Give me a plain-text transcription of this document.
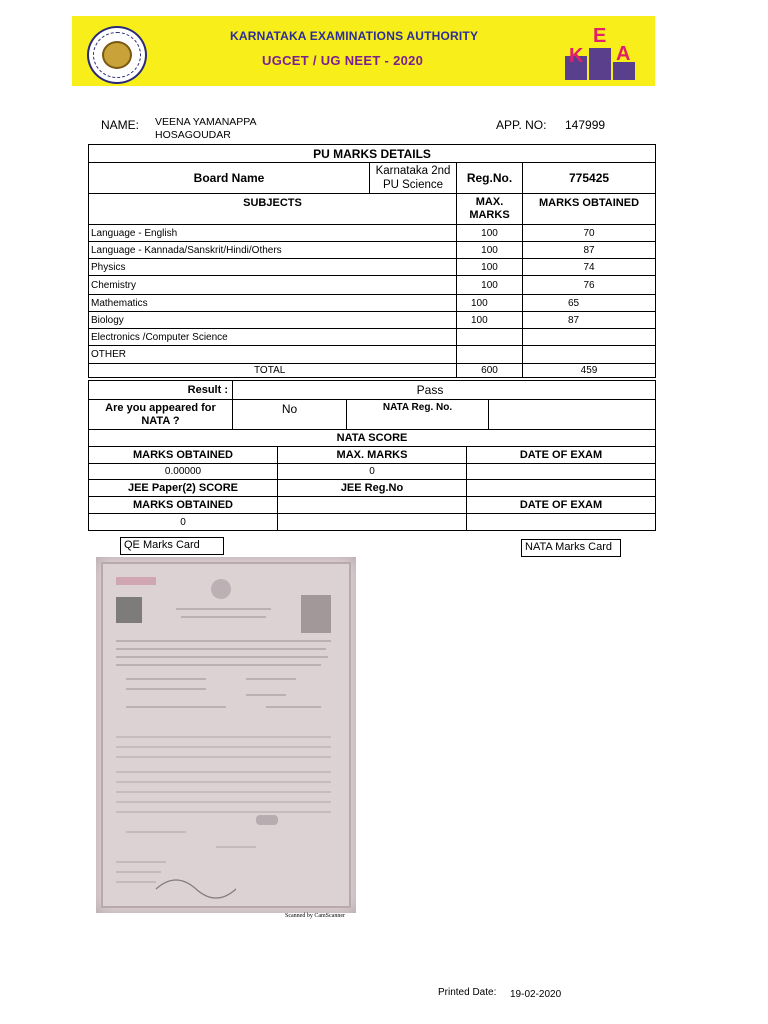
KARNATAKA EXAMINATIONS AUTHORITY
UGCET / UG NEET - 2020	K
E
A
NAME: VEENA YAMANAPPA
HOSAGOUDAR
APP. NO: 147999
PU MARKS DETAILS			
Board Name	Karnataka 2nd PU Science	Reg.No.	775425
SUBJECTS		MAX. MARKS	MARKS OBTAINED
Language - English		100	70
Language - Kannada/Sanskrit/Hindi/Others		100	87
Physics		100	74
Chemistry		100	76
Mathematics		100	65
Biology		100	87
Electronics /Computer Science			
OTHER			
TOTAL		600	459
Result :	Pass		
Are you appeared for NATA ?	No	NATA Reg. No.	
NATA SCORE		
MARKS OBTAINED	MAX. MARKS	DATE OF EXAM
0.00000	0	
JEE Paper(2) SCORE	JEE Reg.No	
MARKS OBTAINED		DATE OF EXAM
0		
QE Marks Card	NATA Marks Card
Scanned by CamScanner
Printed Date: 19-02-2020
